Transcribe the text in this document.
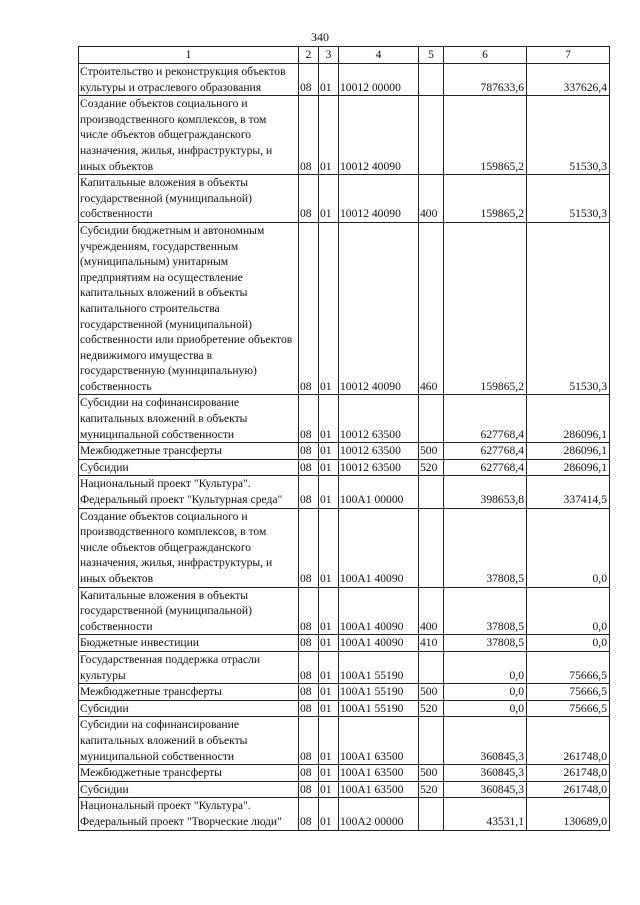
340
1	2	3	4	5	6	7
Строительство и реконструкция объектов культуры и отраслевого образования	08	01	10012 00000		787633,6	337626,4
Создание объектов социального и производственного комплексов, в том числе объектов общегражданского назначения, жилья, инфраструктуры, и иных объектов	08	01	10012 40090		159865,2	51530,3
Капитальные вложения в объекты государственной (муниципальной) собственности	08	01	10012 40090	400	159865,2	51530,3
Субсидии бюджетным и автономным учреждениям, государственным (муниципальным) унитарным предприятиям на осуществление капитальных вложений в объекты капитального строительства государственной (муниципальной) собственности или приобретение объектов недвижимого имущества в государственную (муниципальную) собственность	08	01	10012 40090	460	159865,2	51530,3
Субсидии на софинансирование капитальных вложений в объекты муниципальной собственности	08	01	10012 63500		627768,4	286096,1
Межбюджетные трансферты	08	01	10012 63500	500	627768,4	286096,1
Субсидии	08	01	10012 63500	520	627768,4	286096,1
Национальный проект "Культура". Федеральный проект "Культурная среда"	08	01	100А1 00000		398653,8	337414,5
Создание объектов социального и производственного комплексов, в том числе объектов общегражданского назначения, жилья, инфраструктуры, и иных объектов	08	01	100А1 40090		37808,5	0,0
Капитальные вложения в объекты государственной (муниципальной) собственности	08	01	100А1 40090	400	37808,5	0,0
Бюджетные инвестиции	08	01	100А1 40090	410	37808,5	0,0
Государственная поддержка отрасли культуры	08	01	100А1 55190		0,0	75666,5
Межбюджетные трансферты	08	01	100А1 55190	500	0,0	75666,5
Субсидии	08	01	100А1 55190	520	0,0	75666,5
Субсидии на софинансирование капитальных вложений в объекты муниципальной собственности	08	01	100А1 63500		360845,3	261748,0
Межбюджетные трансферты	08	01	100А1 63500	500	360845,3	261748,0
Субсидии	08	01	100А1 63500	520	360845,3	261748,0
Национальный проект "Культура". Федеральный проект "Творческие люди"	08	01	100А2 00000		43531,1	130689,0
